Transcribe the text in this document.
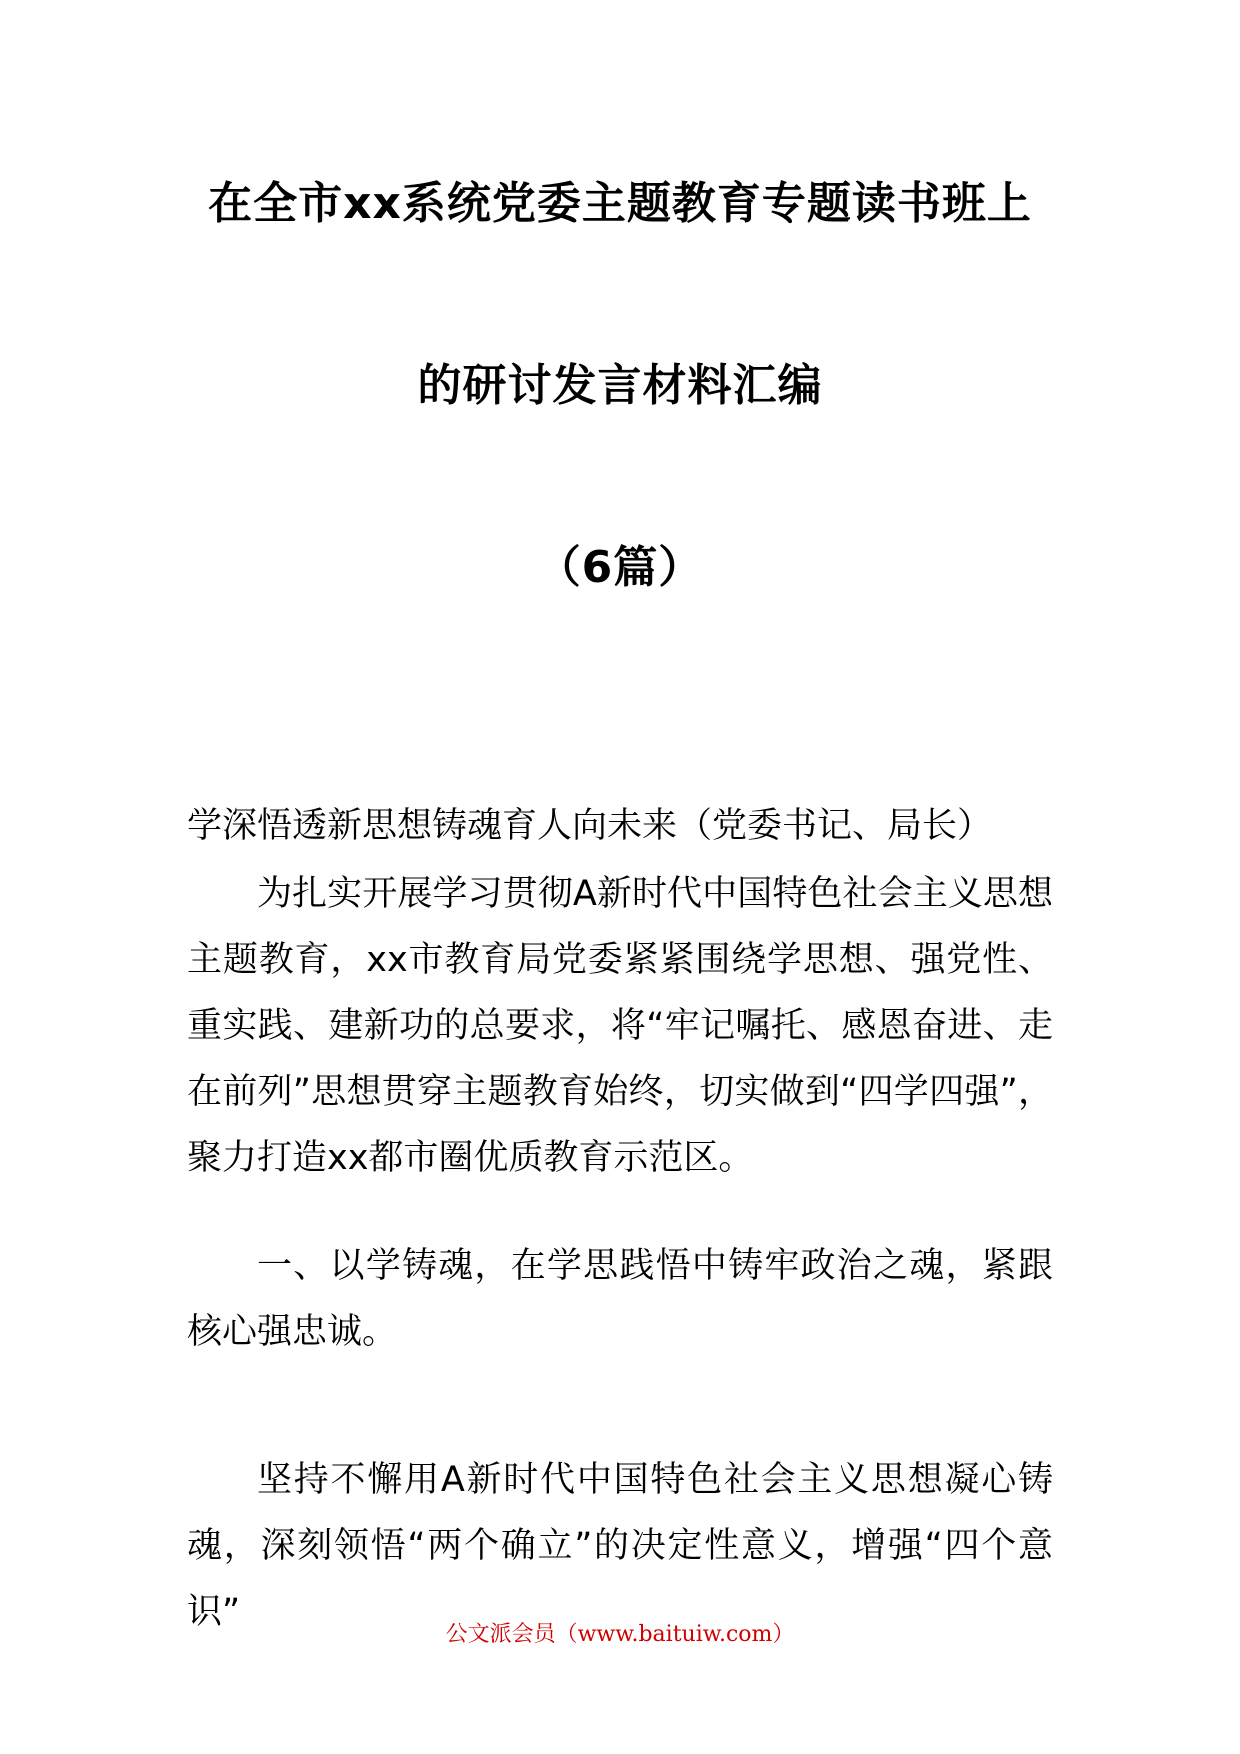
在全市xx系统党委主题教育专题读书班上
的研讨发言材料汇编
（6篇）
学深悟透新思想铸魂育人向未来（党委书记、局长）
为扎实开展学习贯彻A新时代中国特色社会主义思想主题教育，xx市教育局党委紧紧围绕学思想、强党性、重实践、建新功的总要求，将“牢记嘱托、感恩奋进、走在前列”思想贯穿主题教育始终，切实做到“四学四强”，聚力打造xx都市圈优质教育示范区。
一、以学铸魂，在学思践悟中铸牢政治之魂，紧跟核心强忠诚。
坚持不懈用A新时代中国特色社会主义思想凝心铸魂，深刻领悟“两个确立”的决定性意义，增强“四个意识”
公文派会员（www.baituiw.com）
